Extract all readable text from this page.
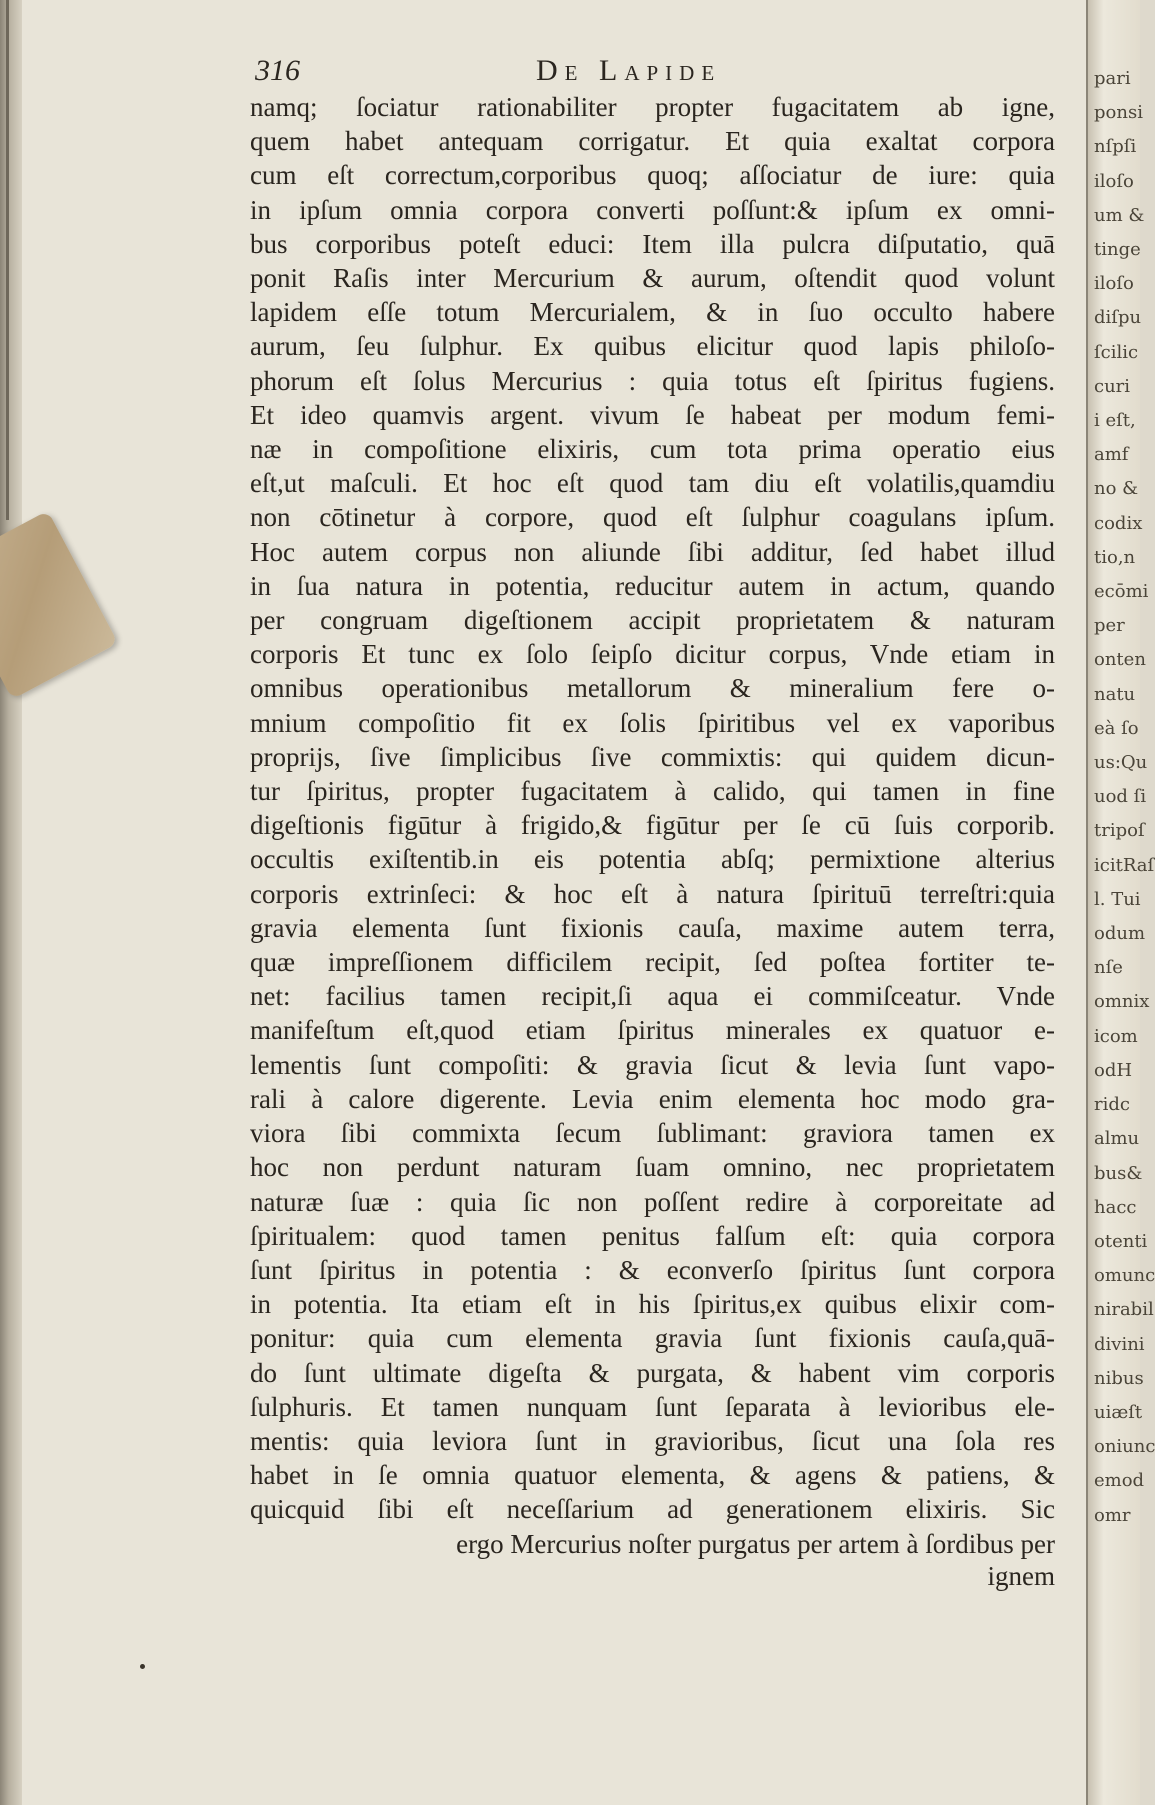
316	De Lapide
namq; ſociatur rationabiliter propter fugacitatem ab igne,
quem habet antequam corrigatur. Et quia exaltat corpora
cum eſt correctum,corporibus quoq; aſſociatur de iure: quia
in ipſum omnia corpora converti poſſunt:& ipſum ex omni-
bus corporibus poteſt educi: Item illa pulcra diſputatio, quā
ponit Raſis inter Mercurium & aurum, oſtendit quod volunt
lapidem eſſe totum Mercurialem, & in ſuo occulto habere
aurum, ſeu ſulphur. Ex quibus elicitur quod lapis philoſo-
phorum eſt ſolus Mercurius : quia totus eſt ſpiritus fugiens.
Et ideo quamvis argent. vivum ſe habeat per modum femi-
næ in compoſitione elixiris, cum tota prima operatio eius
eſt,ut maſculi. Et hoc eſt quod tam diu eſt volatilis,quamdiu
non cōtinetur à corpore, quod eſt ſulphur coagulans ipſum.
Hoc autem corpus non aliunde ſibi additur, ſed habet illud
in ſua natura in potentia, reducitur autem in actum, quando
per congruam digeſtionem accipit proprietatem & naturam
corporis Et tunc ex ſolo ſeipſo dicitur corpus, Vnde etiam in
omnibus operationibus metallorum & mineralium fere o-
mnium compoſitio fit ex ſolis ſpiritibus vel ex vaporibus
proprijs, ſive ſimplicibus ſive commixtis: qui quidem dicun-
tur ſpiritus, propter fugacitatem à calido, qui tamen in fine
digeſtionis figūtur à frigido,& figūtur per ſe cū ſuis corporib.
occultis exiſtentib.in eis potentia abſq; permixtione alterius
corporis extrinſeci: & hoc eſt à natura ſpirituū terreſtri:quia
gravia elementa ſunt fixionis cauſa, maxime autem terra,
quæ impreſſionem difficilem recipit, ſed poſtea fortiter te-
net: facilius tamen recipit,ſi aqua ei commiſceatur. Vnde
manifeſtum eſt,quod etiam ſpiritus minerales ex quatuor e-
lementis ſunt compoſiti: & gravia ſicut & levia ſunt vapo-
rali à calore digerente. Levia enim elementa hoc modo gra-
viora ſibi commixta ſecum ſublimant: graviora tamen ex
hoc non perdunt naturam ſuam omnino, nec proprietatem
naturæ ſuæ : quia ſic non poſſent redire à corporeitate ad
ſpiritualem: quod tamen penitus falſum eſt: quia corpora
ſunt ſpiritus in potentia : & econverſo ſpiritus ſunt corpora
in potentia. Ita etiam eſt in his ſpiritus,ex quibus elixir com-
ponitur: quia cum elementa gravia ſunt fixionis cauſa,quā-
do ſunt ultimate digeſta & purgata, & habent vim corporis
ſulphuris. Et tamen nunquam ſunt ſeparata à levioribus ele-
mentis: quia leviora ſunt in gravioribus, ſicut una ſola res
habet in ſe omnia quatuor elementa, & agens & patiens, &
quicquid ſibi eſt neceſſarium ad generationem elixiris. Sic
ergo Mercurius noſter purgatus per artem à ſordibus per
ignem
pari
ponsi
nſpſi
iloſo
um &
tinge
iloſo
diſpu
ſcilic
curi
i eſt,
amf
no &
codix
tio,n
ecōmi
per
onten
natu
eà ſo
us:Qu
uod ſi
tripoſ
icitRaſ
l. Tui
odum
nſe
omnix
icom
odH
ridc
almu
bus&
hacc
otenti
omunc
nirabil
divini
nibus
uiæſt
oniunc
emod
omr
